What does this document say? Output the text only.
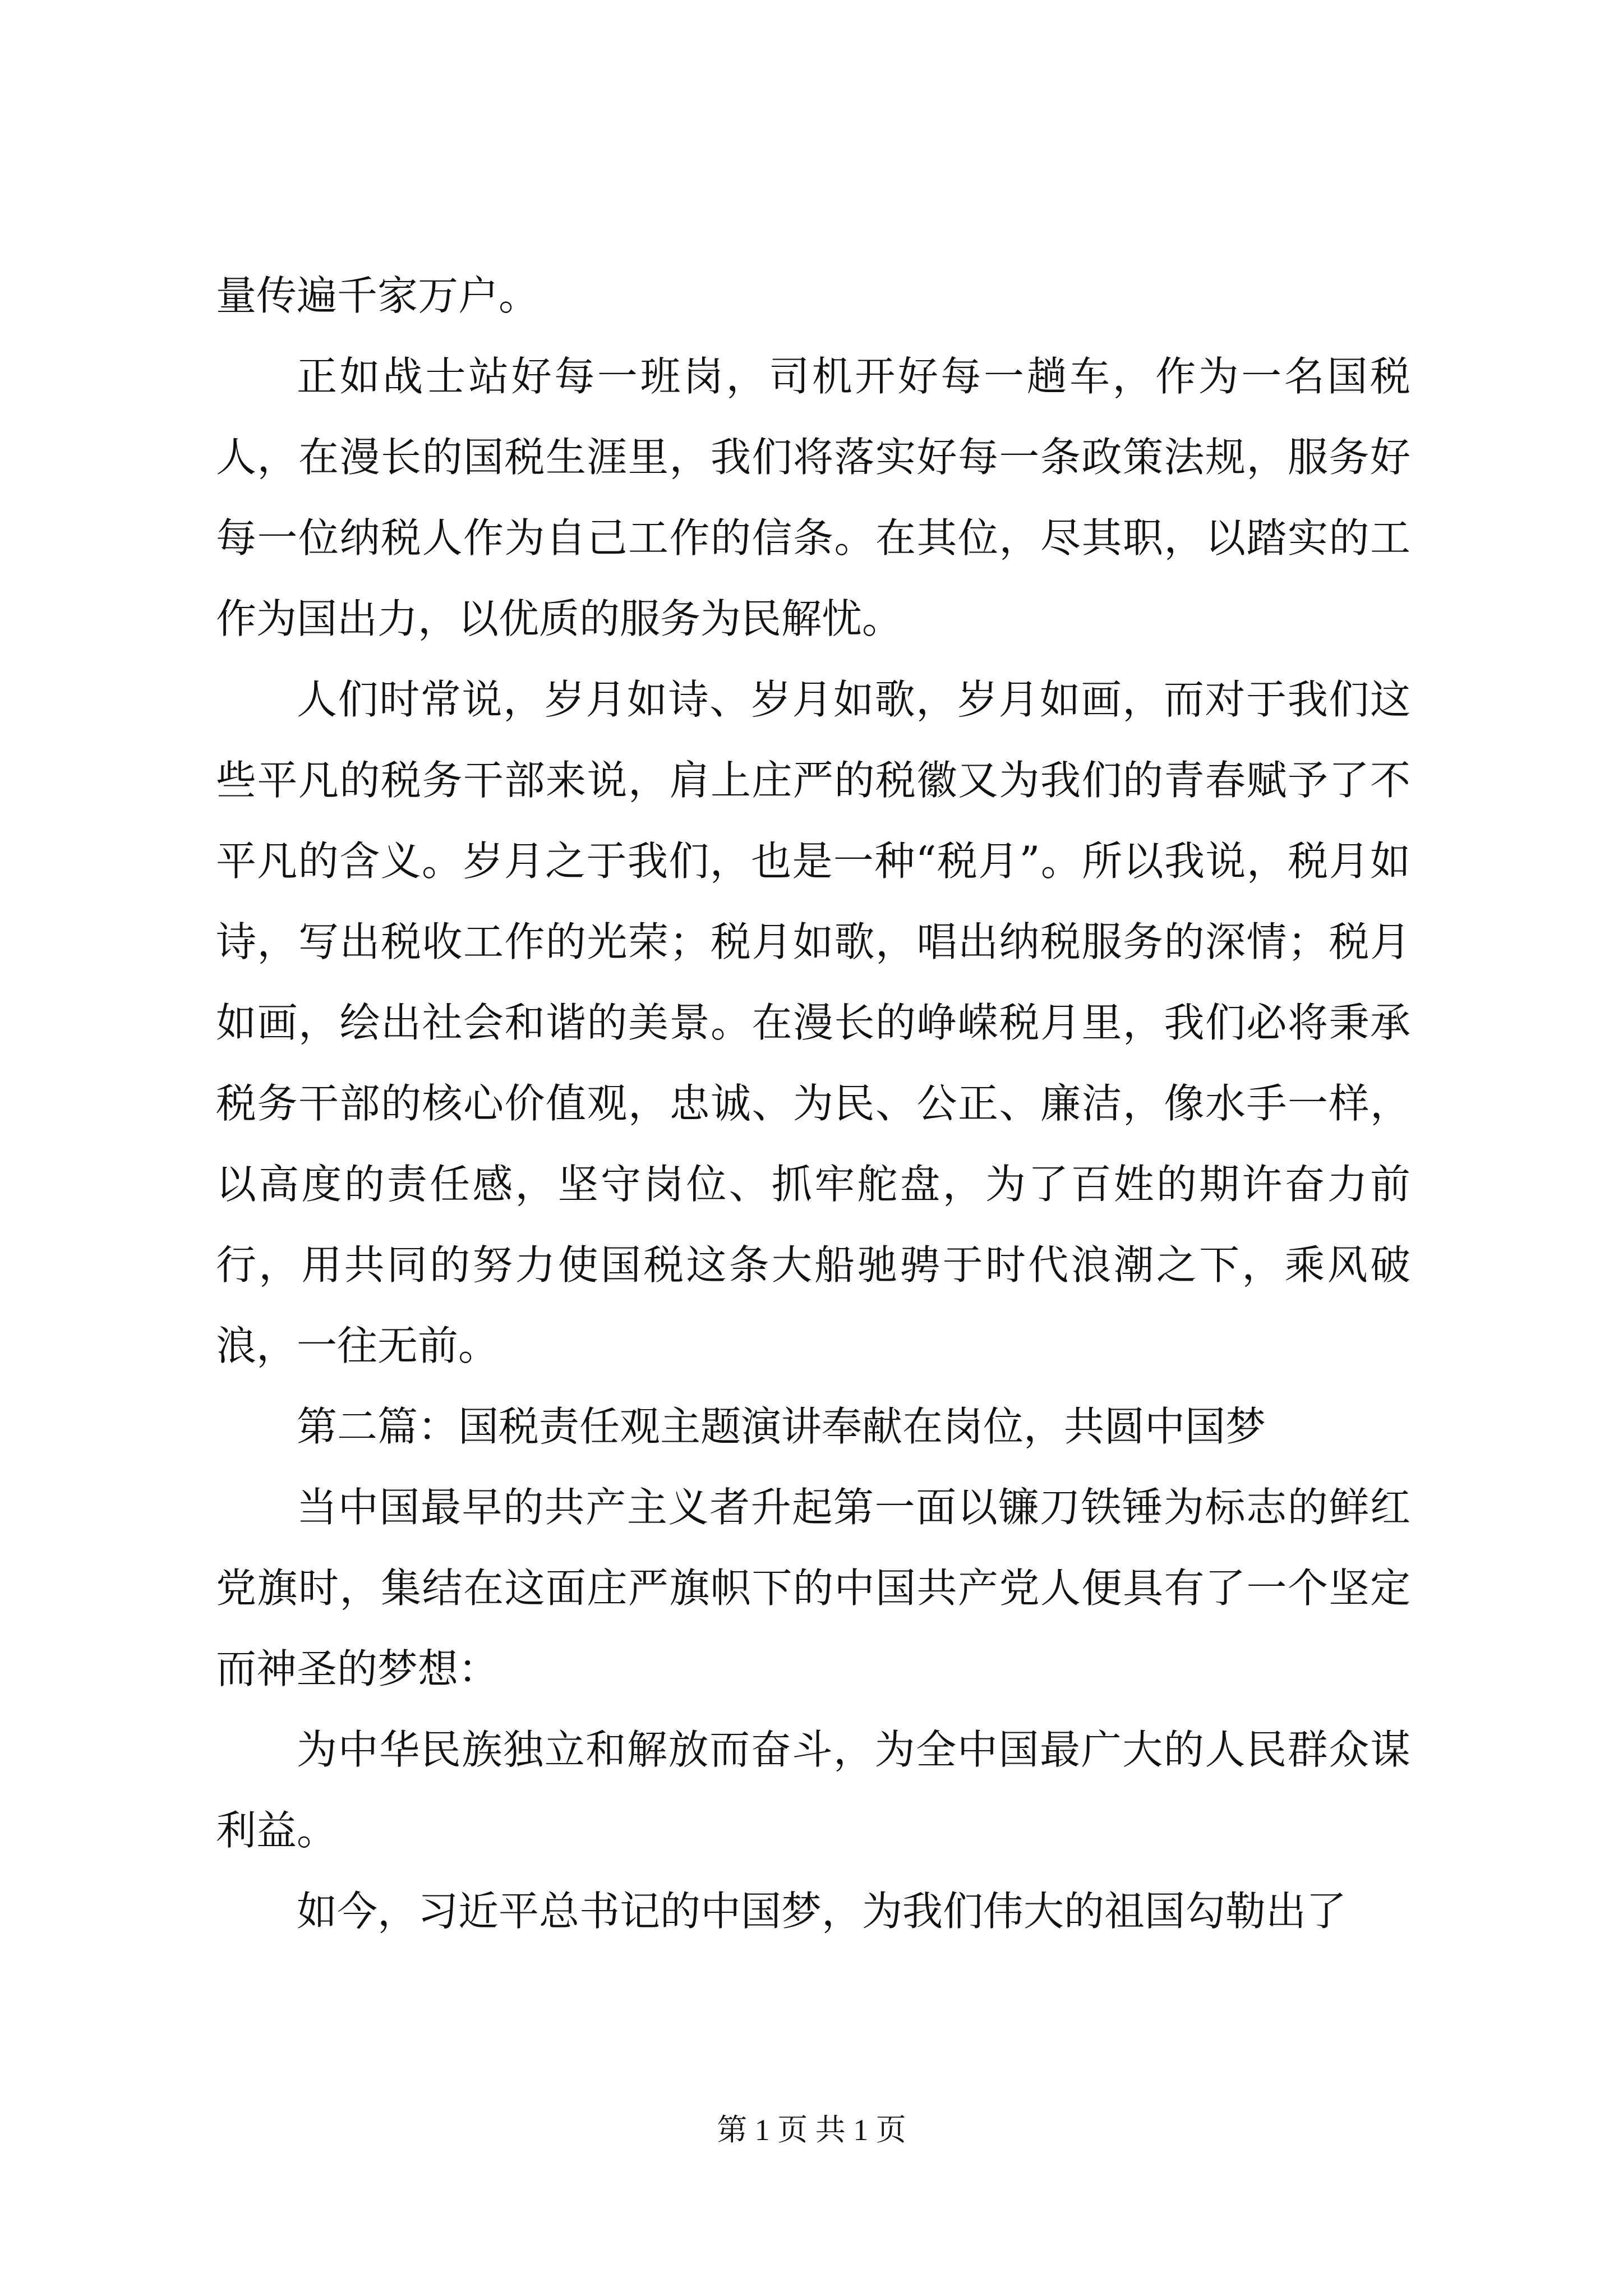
量传遍千家万户。

正如战士站好每一班岗，司机开好每一趟车，作为一名国税人，在漫长的国税生涯里，我们将落实好每一条政策法规，服务好每一位纳税人作为自己工作的信条。在其位，尽其职，以踏实的工作为国出力，以优质的服务为民解忧。

人们时常说，岁月如诗、岁月如歌，岁月如画，而对于我们这些平凡的税务干部来说，肩上庄严的税徽又为我们的青春赋予了不平凡的含义。岁月之于我们，也是一种“税月”。所以我说，税月如诗，写出税收工作的光荣；税月如歌，唱出纳税服务的深情；税月如画，绘出社会和谐的美景。在漫长的峥嵘税月里，我们必将秉承税务干部的核心价值观，忠诚、为民、公正、廉洁，像水手一样，以高度的责任感，坚守岗位、抓牢舵盘，为了百姓的期许奋力前行，用共同的努力使国税这条大船驰骋于时代浪潮之下，乘风破浪，一往无前。

第二篇：国税责任观主题演讲奉献在岗位，共圆中国梦

当中国最早的共产主义者升起第一面以镰刀铁锤为标志的鲜红党旗时，集结在这面庄严旗帜下的中国共产党人便具有了一个坚定而神圣的梦想：

为中华民族独立和解放而奋斗，为全中国最广大的人民群众谋利益。

如今，习近平总书记的中国梦，为我们伟大的祖国勾勒出了

第 1 页 共 1 页
